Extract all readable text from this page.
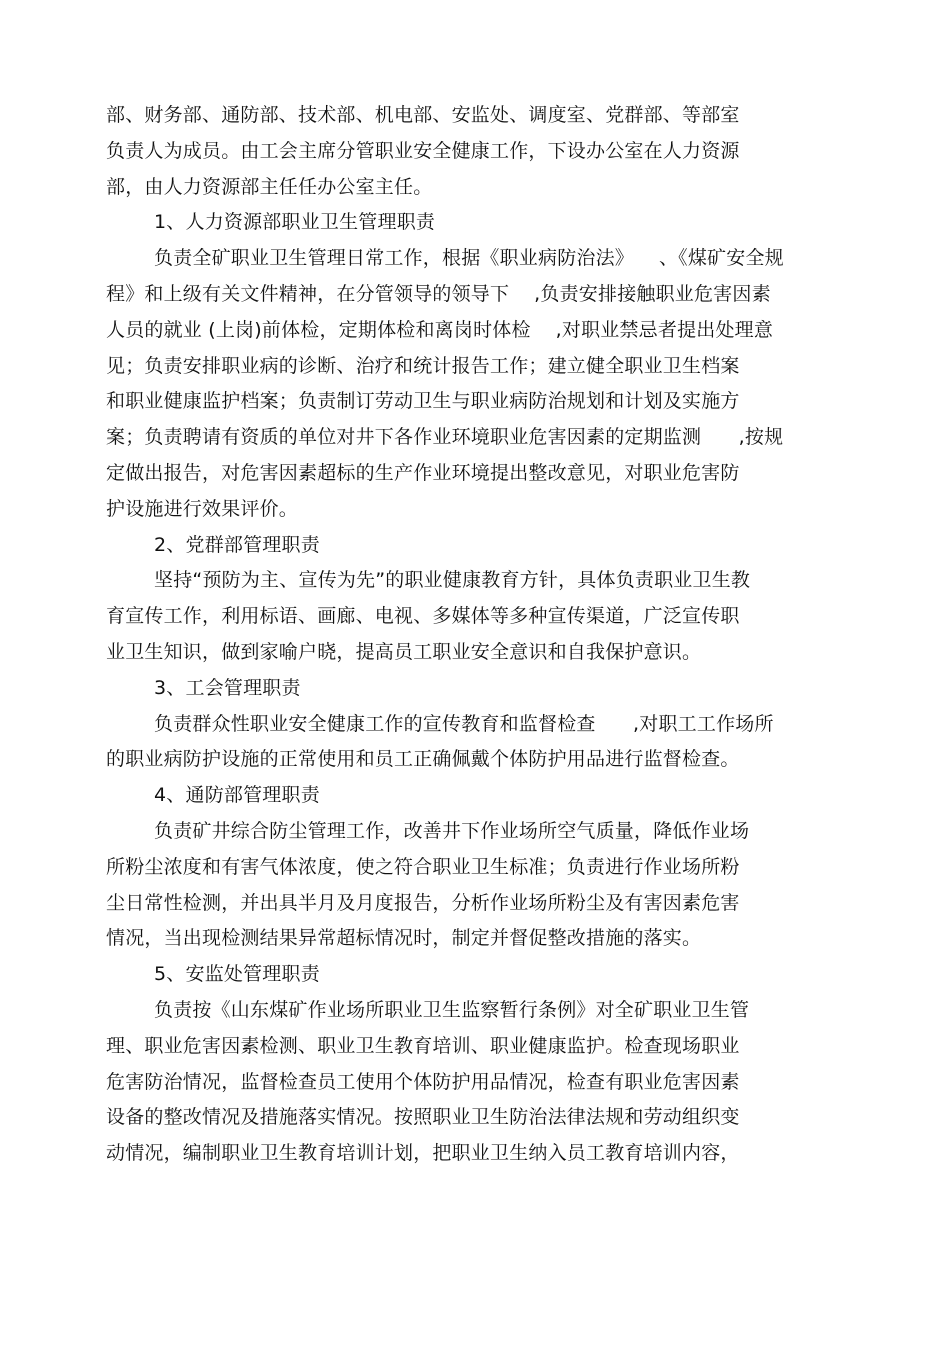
部、财务部、通防部、技术部、机电部、安监处、调度室、党群部、等部室
负责人为成员。由工会主席分管职业安全健康工作，下设办公室在人力资源
部，由人力资源部主任任办公室主任。
1、人力资源部职业卫生管理职责
负责全矿职业卫生管理日常工作，根据《职业病防治法》    、《煤矿安全规
程》和上级有关文件精神，在分管领导的领导下    ,负责安排接触职业危害因素
人员的就业 (上岗)前体检，定期体检和离岗时体检    ,对职业禁忌者提出处理意
见；负责安排职业病的诊断、治疗和统计报告工作；建立健全职业卫生档案
和职业健康监护档案；负责制订劳动卫生与职业病防治规划和计划及实施方
案；负责聘请有资质的单位对井下各作业环境职业危害因素的定期监测      ,按规
定做出报告，对危害因素超标的生产作业环境提出整改意见，对职业危害防
护设施进行效果评价。
2、党群部管理职责
坚持“预防为主、宣传为先”的职业健康教育方针，具体负责职业卫生教
育宣传工作，利用标语、画廊、电视、多媒体等多种宣传渠道，广泛宣传职
业卫生知识，做到家喻户晓，提高员工职业安全意识和自我保护意识。
3、工会管理职责
负责群众性职业安全健康工作的宣传教育和监督检查      ,对职工工作场所
的职业病防护设施的正常使用和员工正确佩戴个体防护用品进行监督检查。
4、通防部管理职责
负责矿井综合防尘管理工作，改善井下作业场所空气质量，降低作业场
所粉尘浓度和有害气体浓度，使之符合职业卫生标准；负责进行作业场所粉
尘日常性检测，并出具半月及月度报告，分析作业场所粉尘及有害因素危害
情况，当出现检测结果异常超标情况时，制定并督促整改措施的落实。
5、安监处管理职责
负责按《山东煤矿作业场所职业卫生监察暂行条例》对全矿职业卫生管
理、职业危害因素检测、职业卫生教育培训、职业健康监护。检查现场职业
危害防治情况，监督检查员工使用个体防护用品情况，检查有职业危害因素
设备的整改情况及措施落实情况。按照职业卫生防治法律法规和劳动组织变
动情况，编制职业卫生教育培训计划，把职业卫生纳入员工教育培训内容，
